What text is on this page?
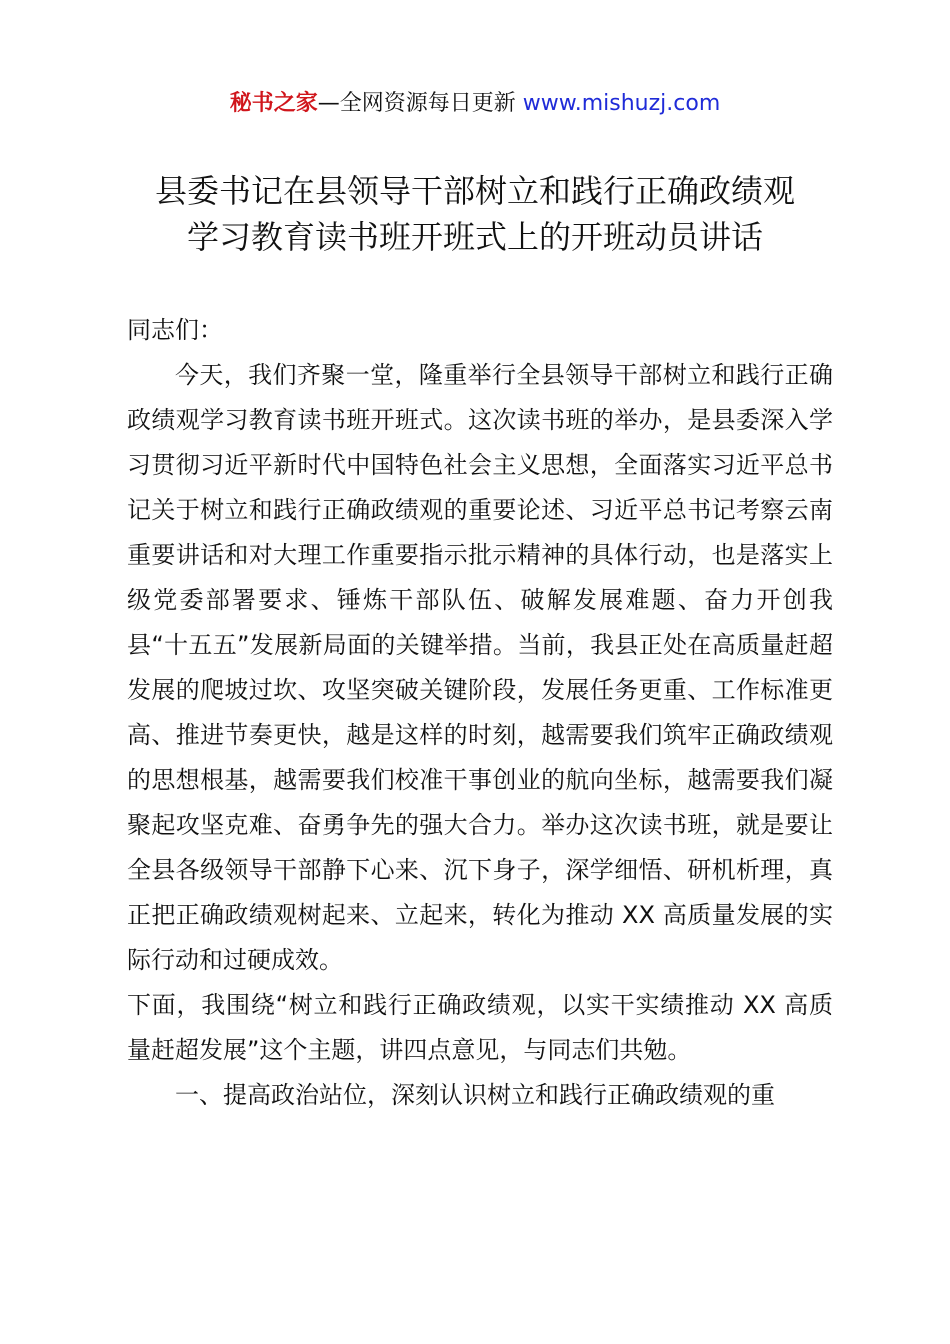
秘书之家—全网资源每日更新 www.mishuzj.com
县委书记在县领导干部树立和践行正确政绩观
学习教育读书班开班式上的开班动员讲话

同志们：

今天，我们齐聚一堂，隆重举行全县领导干部树立和践行正确政绩观学习教育读书班开班式。这次读书班的举办，是县委深入学习贯彻习近平新时代中国特色社会主义思想，全面落实习近平总书记关于树立和践行正确政绩观的重要论述、习近平总书记考察云南重要讲话和对大理工作重要指示批示精神的具体行动，也是落实上级党委部署要求、锤炼干部队伍、破解发展难题、奋力开创我县“十五五”发展新局面的关键举措。当前，我县正处在高质量赶超发展的爬坡过坎、攻坚突破关键阶段，发展任务更重、工作标准更高、推进节奏更快，越是这样的时刻，越需要我们筑牢正确政绩观的思想根基，越需要我们校准干事创业的航向坐标，越需要我们凝聚起攻坚克难、奋勇争先的强大合力。举办这次读书班，就是要让全县各级领导干部静下心来、沉下身子，深学细悟、研机析理，真正把正确政绩观树起来、立起来，转化为推动 XX 高质量发展的实际行动和过硬成效。

下面，我围绕“树立和践行正确政绩观，以实干实绩推动 XX 高质量赶超发展”这个主题，讲四点意见，与同志们共勉。

一、提高政治站位，深刻认识树立和践行正确政绩观的重
